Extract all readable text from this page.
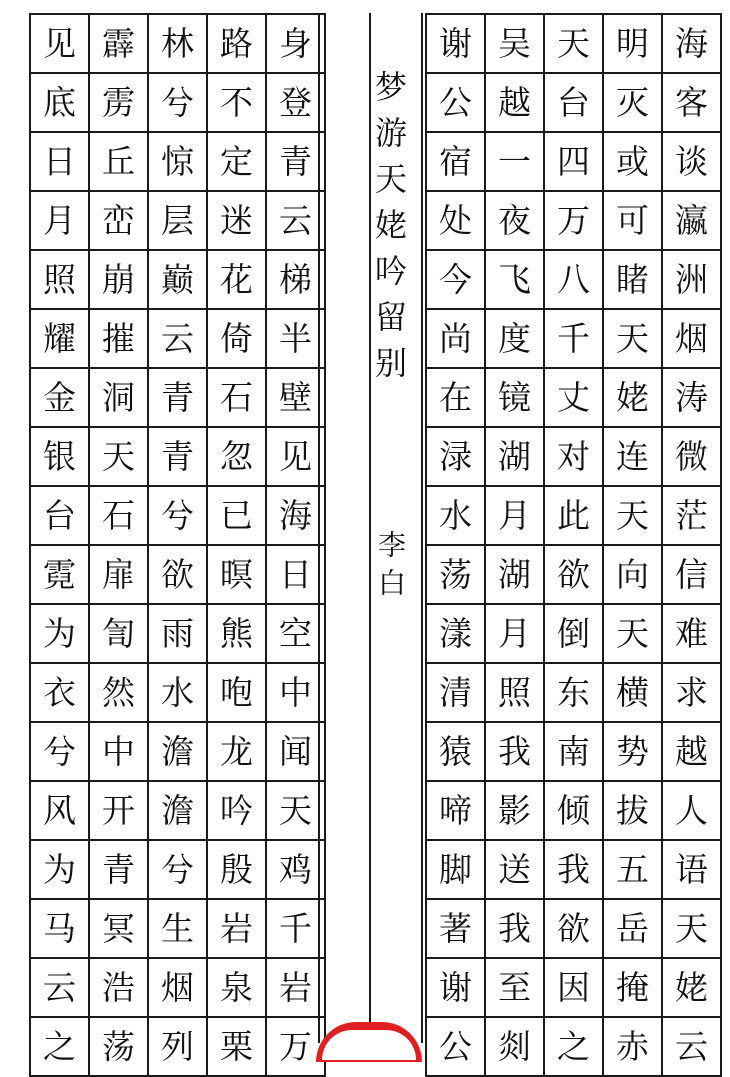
见	霹	林	路	身
底	雳	兮	不	登
日	丘	惊	定	青
月	峦	层	迷	云
照	崩	巅	花	梯
耀	摧	云	倚	半
金	洞	青	石	壁
银	天	青	忽	见
台	石	兮	已	海
霓	扉	欲	暝	日
为	訇	雨	熊	空
衣	然	水	咆	中
兮	中	澹	龙	闻
风	开	澹	吟	天
为	青	兮	殷	鸡
马	冥	生	岩	千
云	浩	烟	泉	岩
之	荡	列	栗	万
谢	吴	天	明	海
公	越	台	灭	客
宿	一	四	或	谈
处	夜	万	可	瀛
今	飞	八	睹	洲
尚	度	千	天	烟
在	镜	丈	姥	涛
渌	湖	对	连	微
水	月	此	天	茫
荡	湖	欲	向	信
漾	月	倒	天	难
清	照	东	横	求
猿	我	南	势	越
啼	影	倾	拔	人
脚	送	我	五	语
著	我	欲	岳	天
谢	至	因	掩	姥
公	剡	之	赤	云
梦游天姥吟留别
李白
